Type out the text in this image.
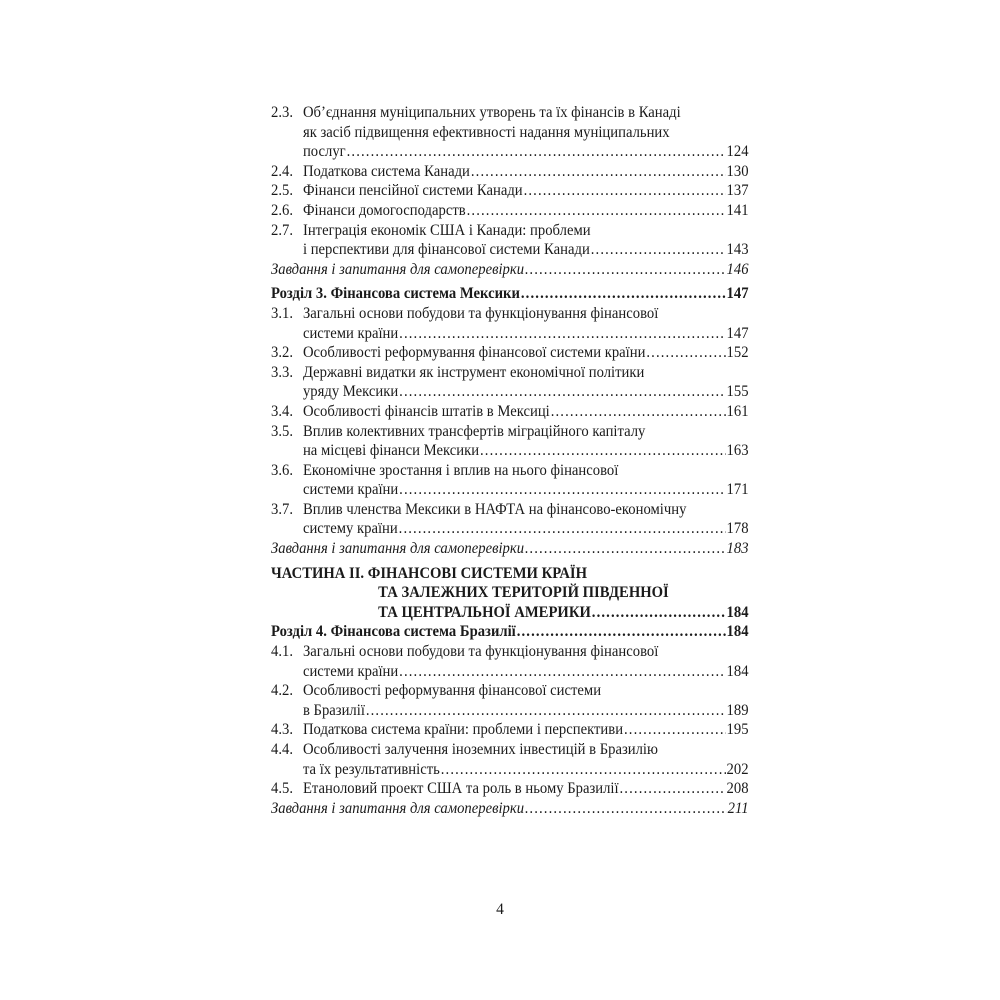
2.3. Об’єднання муніципальних утворень та їх фінансів в Канаді
як засіб підвищення ефективності надання муніципальних
послуг .....	124
2.4. Податкова система Канади .....	130
2.5. Фінанси пенсійної системи Канади .....	137
2.6. Фінанси домогосподарств .....	141
2.7. Інтеграція економік США і Канади: проблеми
і перспективи для фінансової системи Канади .....	143
Завдання і запитання для самоперевірки .....	146
Розділ 3. Фінансова система Мексики .....	147
3.1. Загальні основи побудови та функціонування фінансової
системи країни .....	147
3.2. Особливості реформування фінансової системи країни .....	152
3.3. Державні видатки як інструмент економічної політики
уряду Мексики .....	155
3.4. Особливості фінансів штатів в Мексиці .....	161
3.5. Вплив колективних трансфертів міграційного капіталу
на місцеві фінанси Мексики .....	163
3.6. Економічне зростання і вплив на нього фінансової
системи країни .....	171
3.7. Вплив членства Мексики в НАФТА на фінансово-економічну
систему країни .....	178
Завдання і запитання для самоперевірки .....	183
ЧАСТИНА ІІ. ФІНАНСОВІ СИСТЕМИ КРАЇН
ТА ЗАЛЕЖНИХ ТЕРИТОРІЙ ПІВДЕННОЇ
ТА ЦЕНТРАЛЬНОЇ АМЕРИКИ .....	184
Розділ 4. Фінансова система Бразилії .....	184
4.1. Загальні основи побудови та функціонування фінансової
системи країни .....	184
4.2. Особливості реформування фінансової системи
в Бразилії .....	189
4.3. Податкова система країни: проблеми і перспективи .....	195
4.4. Особливості залучення іноземних інвестицій в Бразилію
та їх результативність .....	202
4.5. Етаноловий проект США та роль в ньому Бразилії .....	208
Завдання і запитання для самоперевірки .....	211
4
